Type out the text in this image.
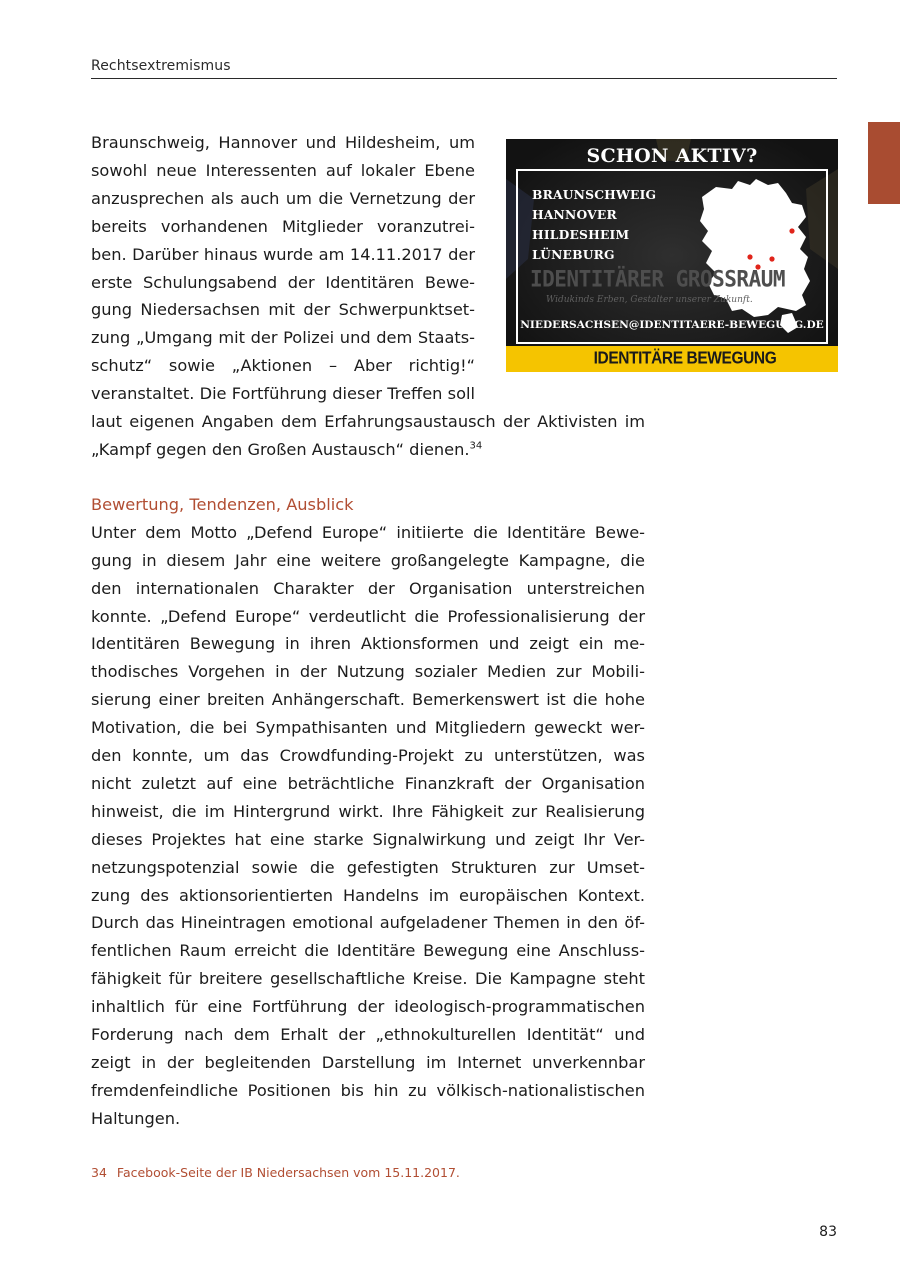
Rechtsextremismus
SCHON AKTIV?
BRAUNSCHWEIG
HANNOVER
HILDESHEIM
LÜNEBURG
IDENTITÄRER GROSSRAUM
Widukinds Erben, Gestalter unserer Zukunft.
NIEDERSACHSEN@IDENTITAERE-BEWEGUNG.DE
IDENTITÄRE BEWEGUNG
Braunschweig, Hannover und Hildesheim, um
sowohl neue Interessenten auf lokaler Ebene
anzusprechen als auch um die Vernetzung der
bereits vorhandenen Mitglieder voranzutrei-
ben. Darüber hinaus wurde am 14.11.2017 der
erste Schulungsabend der Identitären Bewe-
gung Niedersachsen mit der Schwerpunktset-
zung „Umgang mit der Polizei und dem Staats-
schutz“ sowie „Aktionen – Aber richtig!“
veranstaltet. Die Fortführung dieser Treffen soll
laut eigenen Angaben dem Erfahrungsaustausch der Aktivisten im
„Kampf gegen den Großen Austausch“ dienen.$^{34}$
Bewertung, Tendenzen, Ausblick
Unter dem Motto „Defend Europe“ initiierte die Identitäre Bewe-
gung in diesem Jahr eine weitere großangelegte Kampagne, die
den internationalen Charakter der Organisation unterstreichen
konnte. „Defend Europe“ verdeutlicht die Professionalisierung der
Identitären Bewegung in ihren Aktionsformen und zeigt ein me-
thodisches Vorgehen in der Nutzung sozialer Medien zur Mobili-
sierung einer breiten Anhängerschaft. Bemerkenswert ist die hohe
Motivation, die bei Sympathisanten und Mitgliedern geweckt wer-
den konnte, um das Crowdfunding-Projekt zu unterstützen, was
nicht zuletzt auf eine beträchtliche Finanzkraft der Organisation
hinweist, die im Hintergrund wirkt. Ihre Fähigkeit zur Realisierung
dieses Projektes hat eine starke Signalwirkung und zeigt Ihr Ver-
netzungspotenzial sowie die gefestigten Strukturen zur Umset-
zung des aktionsorientierten Handelns im europäischen Kontext.
Durch das Hineintragen emotional aufgeladener Themen in den öf-
fentlichen Raum erreicht die Identitäre Bewegung eine Anschluss-
fähigkeit für breitere gesellschaftliche Kreise. Die Kampagne steht
inhaltlich für eine Fortführung der ideologisch-programmatischen
Forderung nach dem Erhalt der „ethnokulturellen Identität“ und
zeigt in der begleitenden Darstellung im Internet unverkennbar
fremdenfeindliche Positionen bis hin zu völkisch-nationalistischen
Haltungen.
34 Facebook-Seite der IB Niedersachsen vom 15.11.2017.
83
